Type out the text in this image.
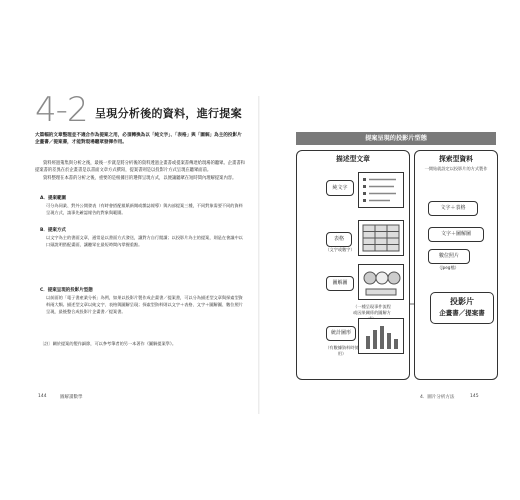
4-2 呈現分析後的資料，進行提案
大篇幅的文章整理並不適合作為提案之用，必須轉換為以「純文字」、「表格」與「圖解」為主的投影片企畫書／提案書，才能對現場聽眾發揮作用。

資料經過蒐集與分析之後，最後一步就是將分析後的資料透過企畫書或提案書傳達給現場的聽眾。企畫書和提案書的差異在於企畫書是以書面文章方式撰寫，提案書則是以投影片方式呈現在聽眾面前。

資料整理在本書的分析之後，重要的是根據目的選擇呈現方式，以便讓聽眾在短時間內理解提案內容。

A．提案範圍
可分為同業、對外公開發表（有時會搭配報紙新聞或雜誌報導）與內部提案三種，不同對象需要不同的資料呈現方式，請事先確認報告的對象與範圍。
B．提案方式
以文字為主的書面文章，通常是以書面方式發送，讓對方自行閱讀；以投影片為主的提案，則是在會議中以口頭說明搭配畫面，讓聽眾在最短時間內掌握重點。
C．提案呈現的投影片型態
以前面的「電子書產業分析」為例，如果以投影片製作成企畫書／提案書，可以分為描述型文章與探索型資料兩大類。描述型文章以純文字、表格與圖解呈現；探索型資料則以文字＋表格、文字＋圖解圖、數位照片呈現，最後整合成投影片企畫書／提案書。
〔註〕關於提案的製作細節，可以參考筆者的另一本著作《圖解提案學》。
144	圖解讀數學
提案呈現的投影片型態
描述型文章	探索型資料
純文字
表格
（文字或數字）
圖解圖
（一種呈現事件流程或因果關係的圖解方
統計圖形
（有數據資料時使用）
一開始就設定以投影片的方式製作
文字＋表格
文字＋圖解圖
數位照片
（Jpeg檔）
投影片
企畫書／提案書
4．圖片分析方法	145
